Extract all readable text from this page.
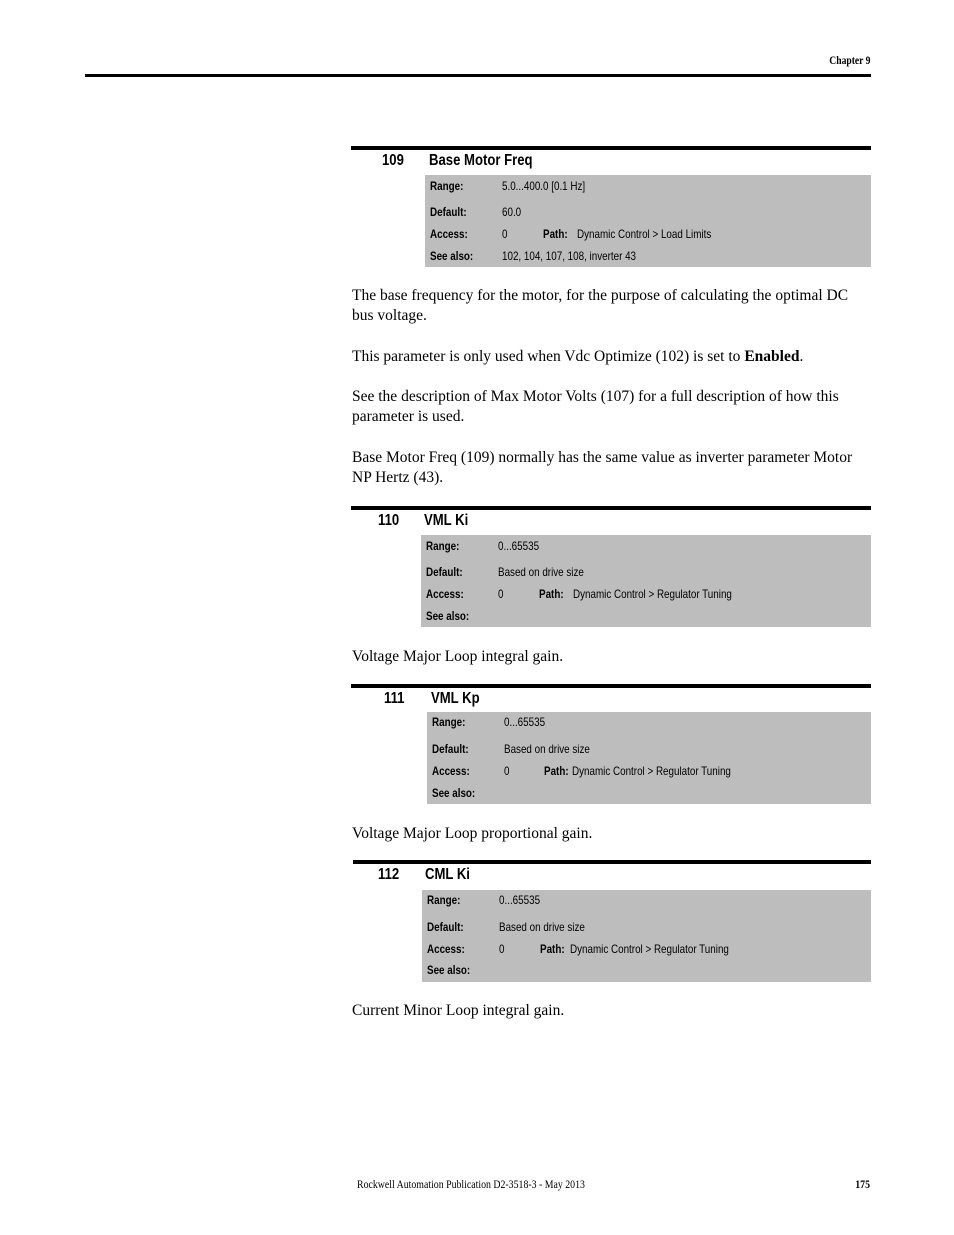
Chapter 9
109 Base Motor Freq
Range:	5.0...400.0 [0.1 Hz]
Default:	60.0
Access:	0	Path: Dynamic Control > Load Limits
See also: 102, 104, 107, 108, inverter 43
The base frequency for the motor, for the purpose of calculating the optimal DC bus voltage.
This parameter is only used when Vdc Optimize (102) is set to Enabled.
See the description of Max Motor Volts (107) for a full description of how this parameter is used.
Base Motor Freq (109) normally has the same value as inverter parameter Motor NP Hertz (43).
110 VML Ki
Range:	0...65535
Default:	Based on drive size
Access:	0	Path: Dynamic Control > Regulator Tuning
See also:
Voltage Major Loop integral gain.
111 VML Kp
Range:	0...65535
Default:	Based on drive size
Access:	0	Path: Dynamic Control > Regulator Tuning
See also:
Voltage Major Loop proportional gain.
112 CML Ki
Range:	0...65535
Default:	Based on drive size
Access:	0	Path: Dynamic Control > Regulator Tuning
See also:
Current Minor Loop integral gain.
Rockwell Automation Publication D2-3518-3 - May 2013	175
